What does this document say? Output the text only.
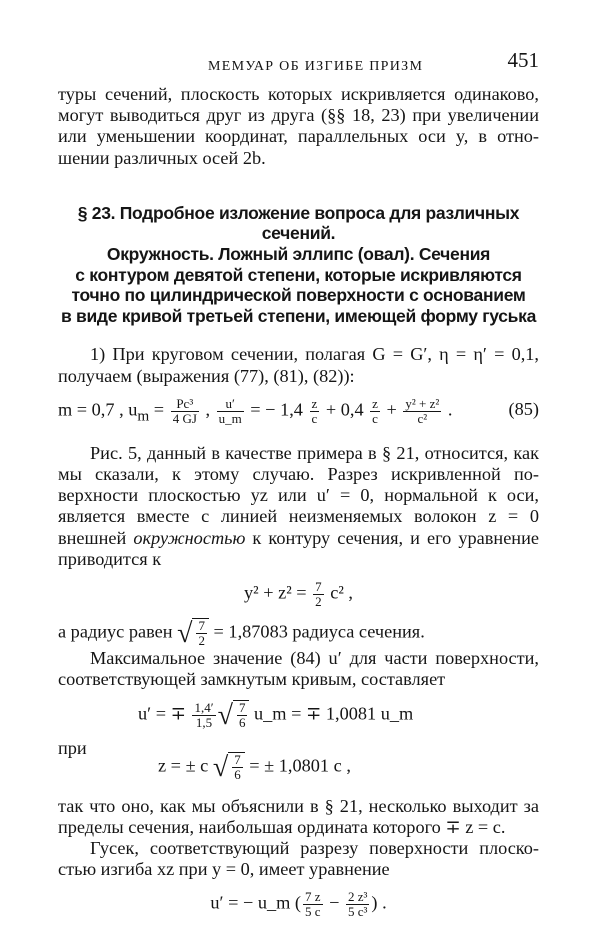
МЕМУАР ОБ ИЗГИБЕ ПРИЗМ	451

туры сечений, плоскость которых искривляется одинаково, могут выводиться друг из друга (§§ 18, 23) при увеличении или уменьшении координат, параллельных оси y, в отно- шении различных осей 2b.

§ 23. Подробное изложение вопроса для различных сечений.
Окружность. Ложный эллипс (овал). Сечения
с контуром девятой степени, которые искривляются
точно по цилиндрической поверхности с основанием
в виде кривой третьей степени, имеющей форму гуська

1) При круговом сечении, полагая G = G′, η = η′ = 0,1, получаем (выражения (77), (81), (82)):

m = 0,7 , $u_m = \frac{\text{Pc³}}{4 GJ}$ , $\frac{u'}{u\_m}$ = − $1,4 \frac{z}{c} + 0,4 \frac{z}{c} + \frac{\text{y² + z²}}{\text{c²}}$ .	(85)

Рис. 5, данный в качестве примера в § 21, относится, как мы сказали, к этому случаю. Разрез искривленной по- верхности плоскостью yz или u′ = 0, нормальной к оси, является вместе с линией неизменяемых волокон z = 0 внешней окружностью к контуру сечения, и его уравнение приводится к

$y^2 + z^2 = \frac{7}{2} c^2$ ,

а радиус равен √ $\frac{7}{2} = 1,87083$ радиуса сечения.

Максимальное значение (84) u′ для части поверхности, соответствующей замкнутым кривым, составляет

u′ = ∓ $\frac{1,4'}{1,5}$ √ $\frac{7}{6}$ u_m = ∓ 1,0081 u_m

при

z = ± c √ $\frac{7}{6}$ = ± 1,0801 c ,

так что оно, как мы объяснили в § 21, несколько выходит за пределы сечения, наибольшая ордината которого ∓ z = c.

Гусек, соответствующий разрезу поверхности плоско- стью изгиба xz при y = 0, имеет уравнение

u′ = − u_m ( $\frac{7 z}{5 c} - \frac{\text{2 z³}}{\text{5 c³}}$ ) .
